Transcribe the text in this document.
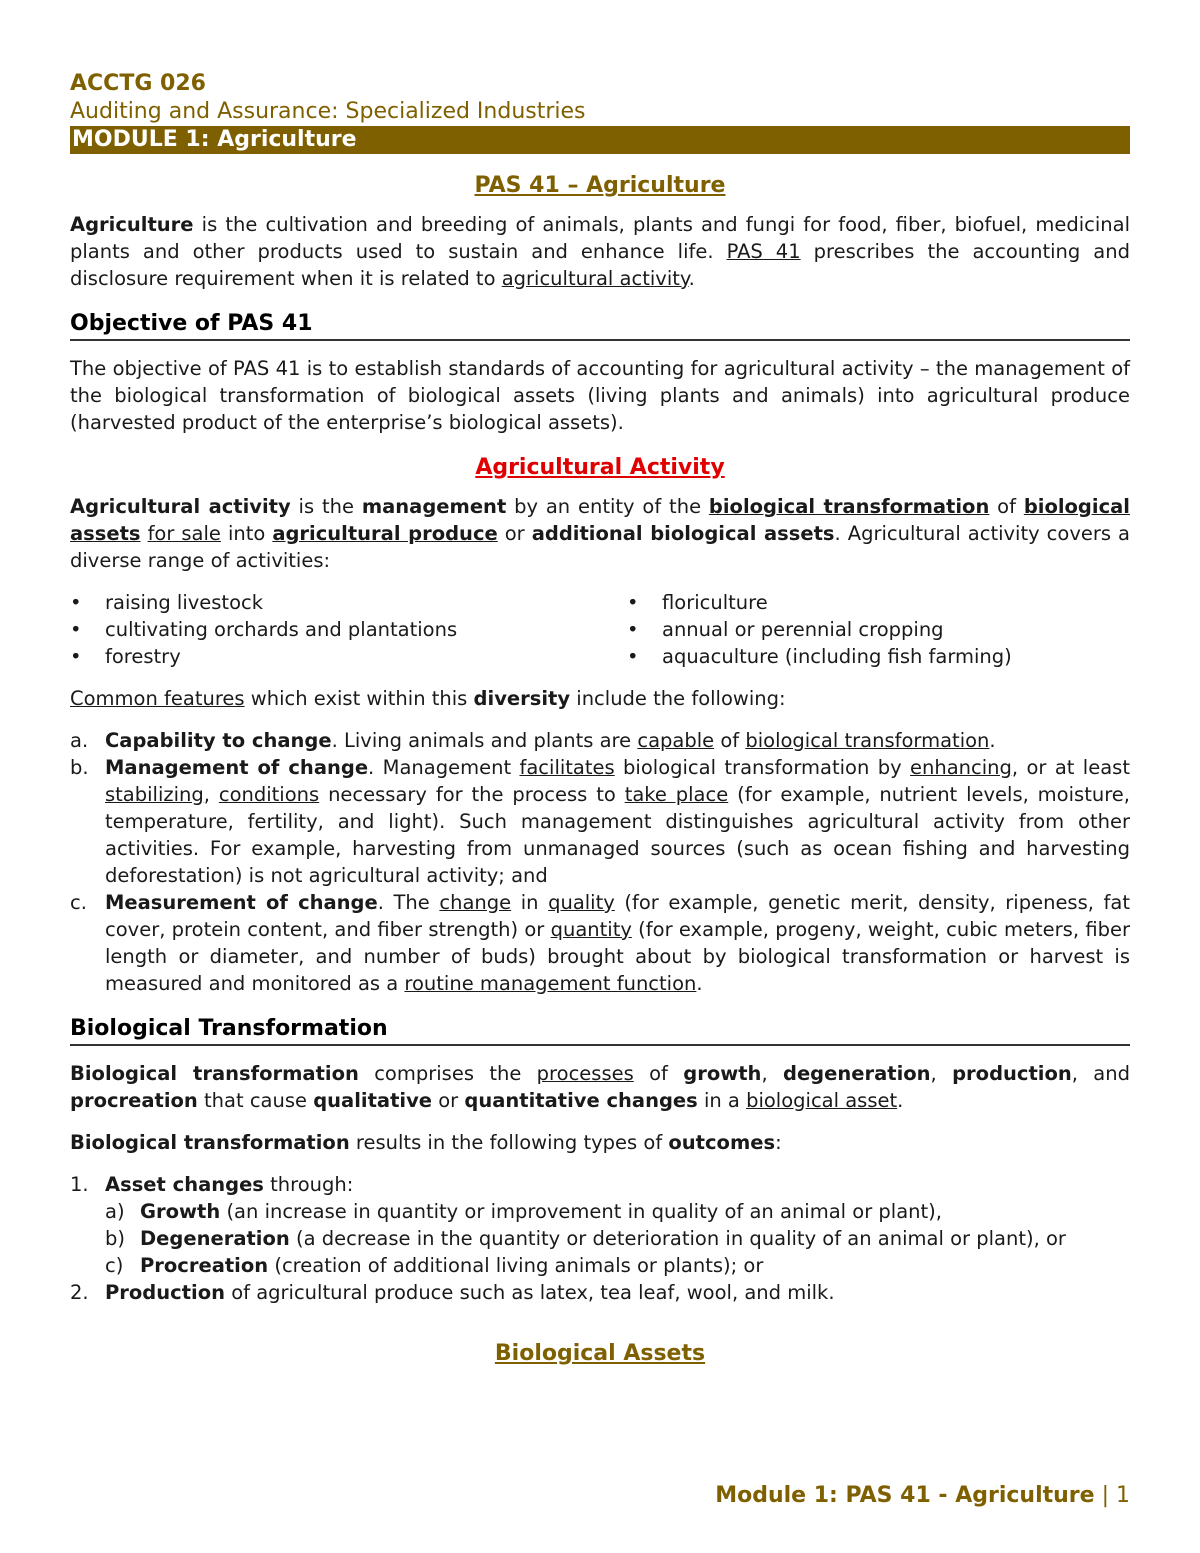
ACCTG 026
Auditing and Assurance: Specialized Industries
MODULE 1: Agriculture
PAS 41 – Agriculture

Agriculture is the cultivation and breeding of animals, plants and fungi for food, fiber, biofuel, medicinal plants and other products used to sustain and enhance life. PAS 41 prescribes the accounting and disclosure requirement when it is related to agricultural activity.

Objective of PAS 41

The objective of PAS 41 is to establish standards of accounting for agricultural activity – the management of the biological transformation of biological assets (living plants and animals) into agricultural produce (harvested product of the enterprise’s biological assets).

Agricultural Activity

Agricultural activity is the management by an entity of the biological transformation of biological assets for sale into agricultural produce or additional biological assets. Agricultural activity covers a diverse range of activities:

•	raising livestock
•	cultivating orchards and plantations
•	forestry
•	floriculture
•	annual or perennial cropping
•	aquaculture (including fish farming)

Common features which exist within this diversity include the following:

a. Capability to change. Living animals and plants are capable of biological transformation.
b. Management of change. Management facilitates biological transformation by enhancing, or at least stabilizing, conditions necessary for the process to take place (for example, nutrient levels, moisture, temperature, fertility, and light). Such management distinguishes agricultural activity from other activities. For example, harvesting from unmanaged sources (such as ocean fishing and harvesting deforestation) is not agricultural activity; and
c. Measurement of change. The change in quality (for example, genetic merit, density, ripeness, fat cover, protein content, and fiber strength) or quantity (for example, progeny, weight, cubic meters, fiber length or diameter, and number of buds) brought about by biological transformation or harvest is measured and monitored as a routine management function.
Biological Transformation

Biological transformation comprises the processes of growth, degeneration, production, and procreation that cause qualitative or quantitative changes in a biological asset.

Biological transformation results in the following types of outcomes:

1. Asset changes through:
a) Growth (an increase in quantity or improvement in quality of an animal or plant),
b) Degeneration (a decrease in the quantity or deterioration in quality of an animal or plant), or
c) Procreation (creation of additional living animals or plants); or
2. Production of agricultural produce such as latex, tea leaf, wool, and milk.
Biological Assets
Module 1: PAS 41 - Agriculture | 1
